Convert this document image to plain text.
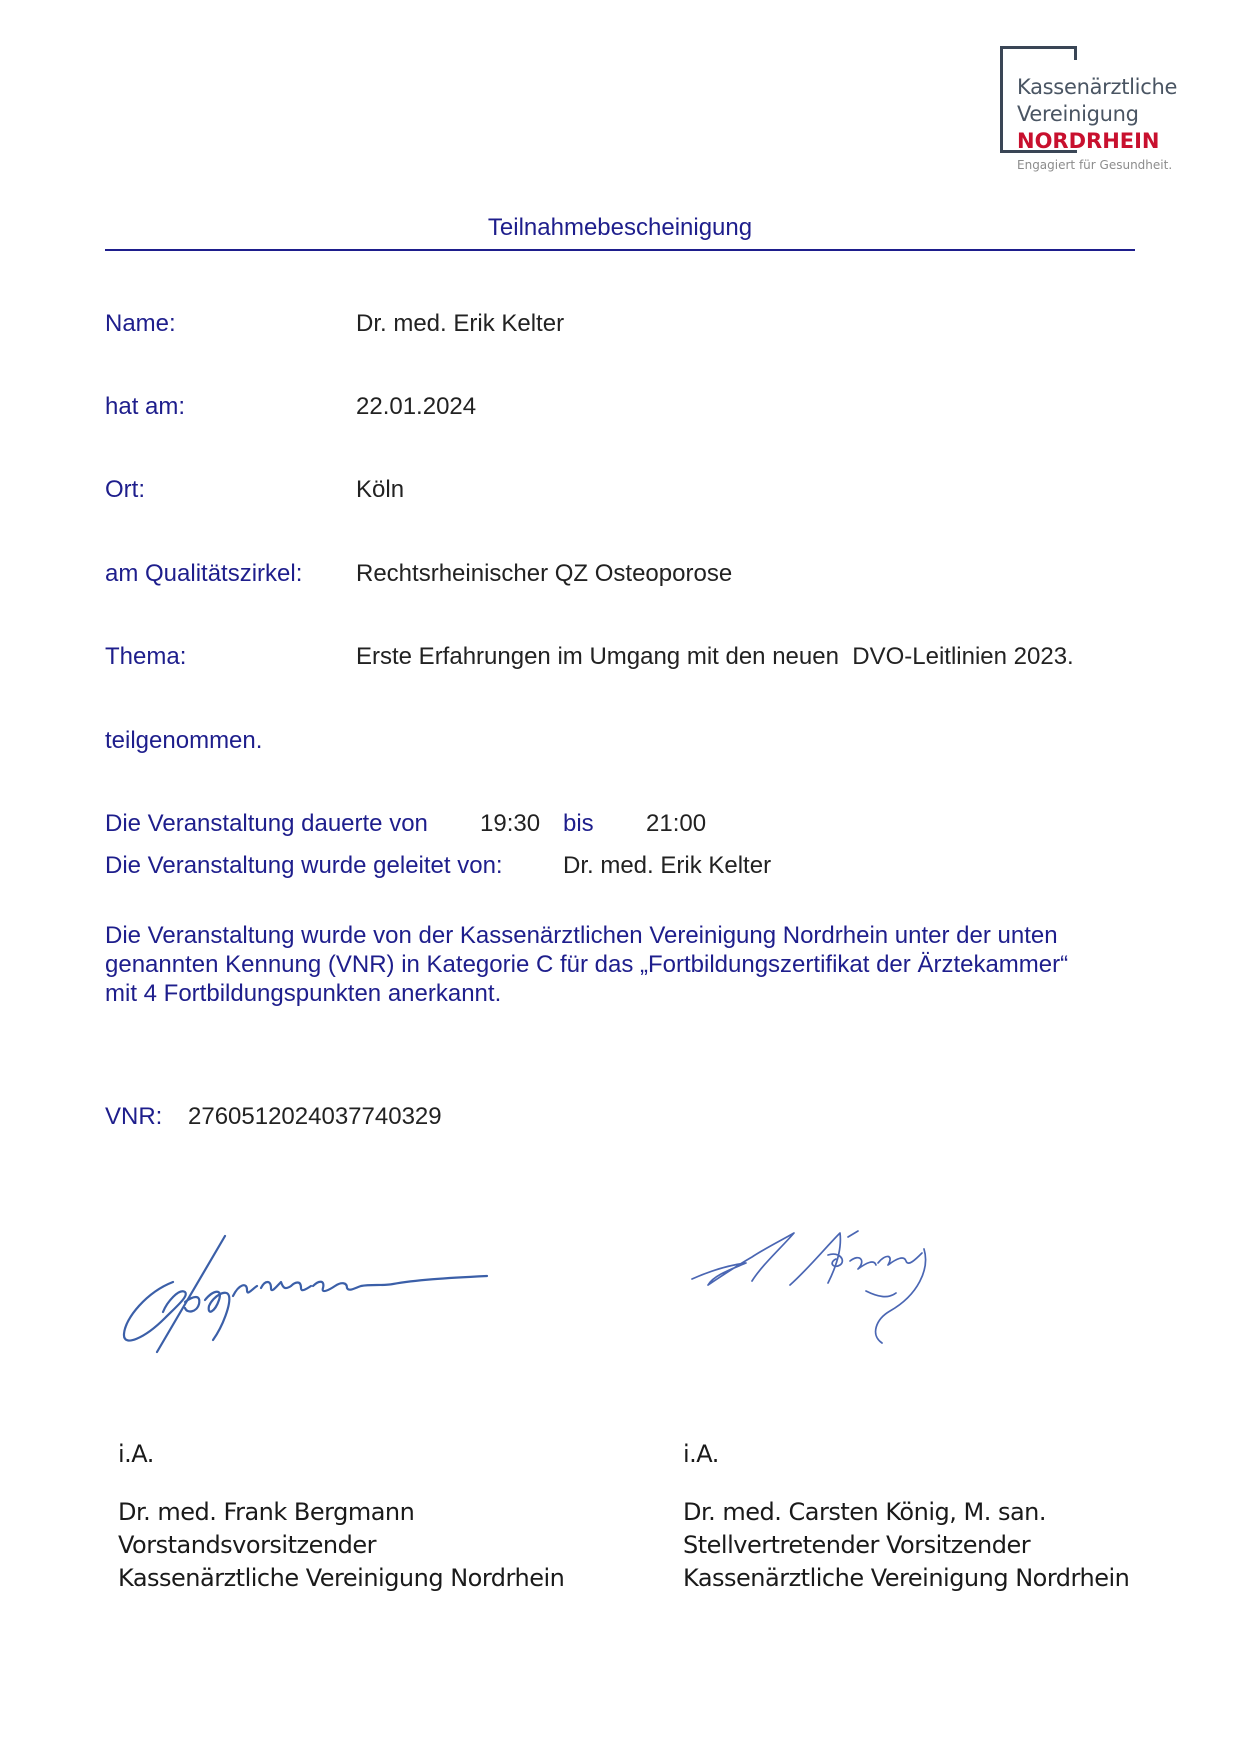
Kassenärztliche
Vereinigung
NORDRHEIN
Engagiert für Gesundheit.
Teilnahmebescheinigung
Name:	Dr. med. Erik Kelter
hat am:	22.01.2024
Ort:	Köln
am Qualitätszirkel: Rechtsrheinischer QZ Osteoporose
Thema:	Erste Erfahrungen im Umgang mit den neuen  DVO-Leitlinien 2023.
teilgenommen.
Die Veranstaltung dauerte von 19:30 bis 21:00
Die Veranstaltung wurde geleitet von:	Dr. med. Erik Kelter
Die Veranstaltung wurde von der Kassenärztlichen Vereinigung Nordrhein unter der unten
genannten Kennung (VNR) in Kategorie C für das „Fortbildungszertifikat der Ärztekammer“
mit 4 Fortbildungspunkten anerkannt.
VNR: 2760512024037740329
i.A.
Dr. med. Frank Bergmann
Vorstandsvorsitzender
Kassenärztliche Vereinigung Nordrhein
i.A.
Dr. med. Carsten König, M. san.
Stellvertretender Vorsitzender
Kassenärztliche Vereinigung Nordrhein
